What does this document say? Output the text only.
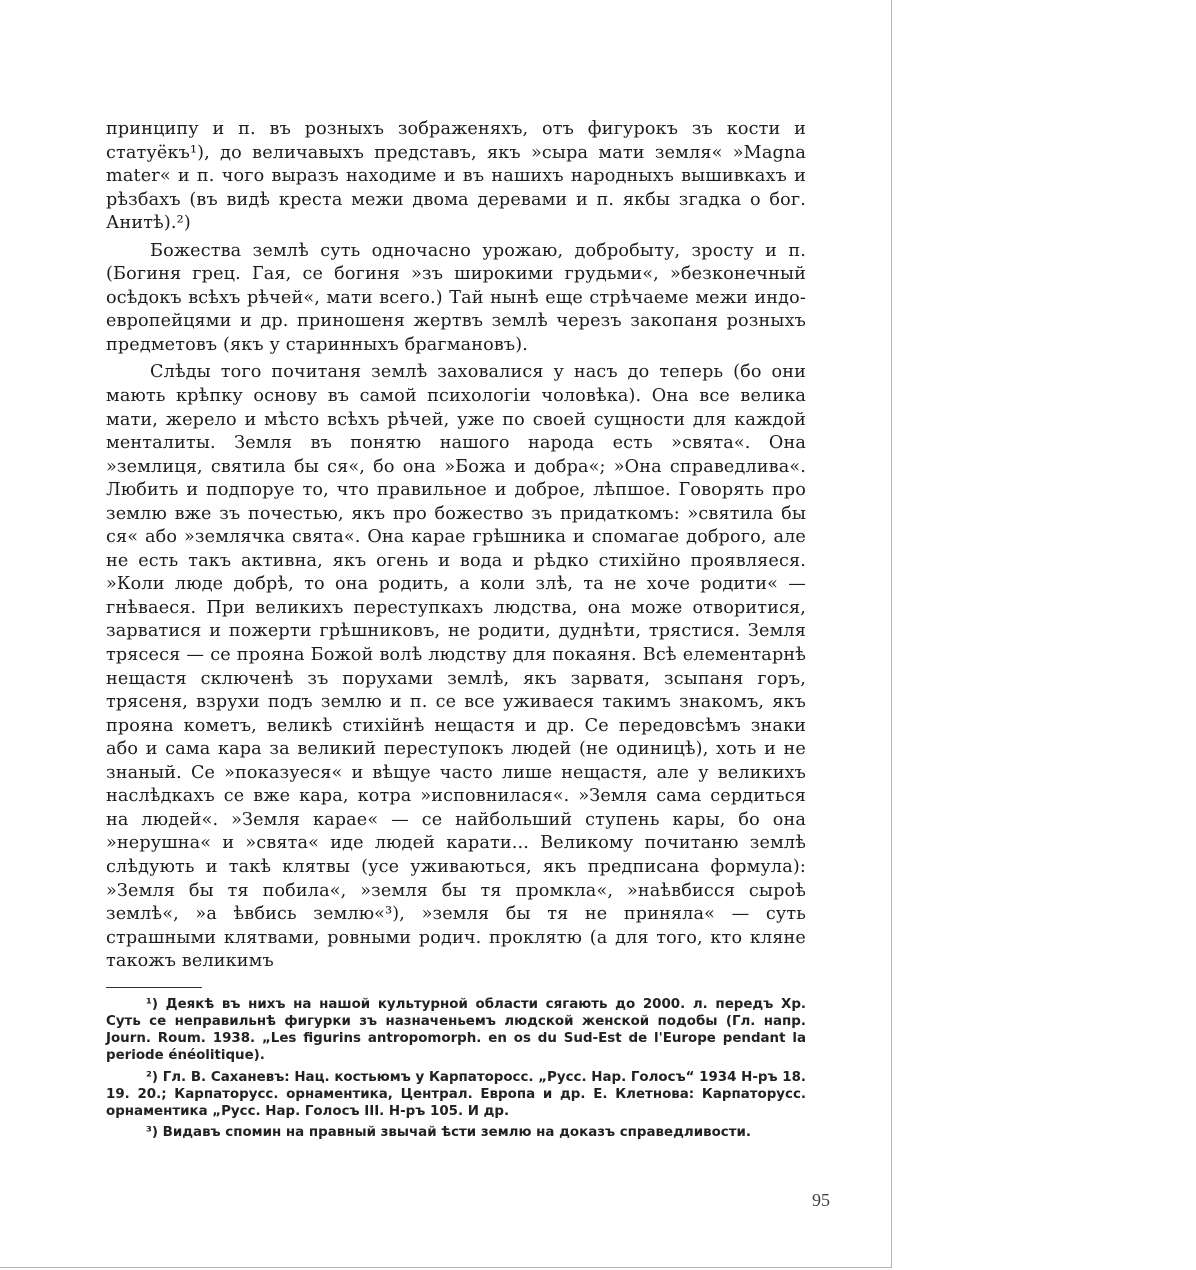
принципу и п. въ розныхъ зображеняхъ, отъ фигурокъ зъ кости и статуёкъ¹), до величавыхъ представъ, якъ »сыра мати земля« »Magna mater« и п. чого выразъ находиме и въ нашихъ народныхъ вышивкахъ и рѣзбахъ (въ видѣ креста межи двома деревами и п. якбы згадка о бог. Анитѣ).²)

Божества землѣ суть одночасно урожаю, добробыту, зросту и п. (Богиня грец. Гая, се богиня »зъ широкими грудьми«, »безконечный осѣдокъ всѣхъ рѣчей«, мати всего.) Тай нынѣ еще стрѣчаеме межи индо-европейцями и др. приношеня жертвъ землѣ черезъ закопаня розныхъ предметовъ (якъ у старинныхъ брагмановъ).

Слѣды того почитаня землѣ заховалися у насъ до теперь (бо они мають крѣпку основу въ самой психологіи чоловѣка). Она все велика мати, жерело и мѣсто всѣхъ рѣчей, уже по своей сущности для каждой менталиты. Земля въ понятю нашого народа есть »свята«. Она »землиця, святила бы ся«, бо она »Божа и добра«; »Она справедлива«. Любить и подпоруе то, что правильное и доброе, лѣпшое. Говорять про землю вже зъ почестью, якъ про божество зъ придаткомъ: »святила бы ся« або »землячка свята«. Она карае грѣшника и спомагае доброго, але не есть такъ активна, якъ огень и вода и рѣдко стихійно проявляеся. »Коли люде добрѣ, то она родить, а коли злѣ, та не хоче родити« — гнѣваеся. При великихъ переступкахъ людства, она може отворитися, зарватися и пожерти грѣшниковъ, не родити, дуднѣти, трястися. Земля трясеся — се прояна Божой волѣ людству для покаяня. Всѣ елементарнѣ нещастя сключенѣ зъ порухами землѣ, якъ зарватя, зсыпаня горъ, трясеня, взрухи подъ землю и п. се все уживаеся такимъ знакомъ, якъ прояна кометъ, великѣ стихійнѣ нещастя и др. Се передовсѣмъ знаки або и сама кара за великий переступокъ людей (не одиницѣ), хоть и не знаный. Се »показуеся« и вѣщуе часто лише нещастя, але у великихъ наслѣдкахъ се вже кара, котра »исповнилася«. »Земля сама сердиться на людей«. »Земля карае« — се найбольший ступень кары, бо она »нерушна« и »свята« иде людей карати... Великому почитаню землѣ слѣдують и такѣ клятвы (усе уживаються, якъ предписана формула): »Земля бы тя побила«, »земля бы тя промкла«, »наѣвбисся сыроѣ землѣ«, »а ѣвбись землю«³), »земля бы тя не приняла« — суть страшными клятвами, ровными родич. проклятю (а для того, кто кляне такожъ великимъ

¹) Деякѣ въ нихъ на нашой культурной области сягають до 2000. л. передъ Хр. Суть се неправильнѣ фигурки зъ назначеньемъ людской женской подобы (Гл. напр. Journ. Roum. 1938. „Les figurins antropomorph. en os du Sud-Est de l'Europe pendant la periode énéolitique).

²) Гл. В. Саханевъ: Нац. костьюмъ у Карпатоpосс. „Русс. Нар. Голосъ“ 1934 Н-ръ 18. 19. 20.; Карпаторусс. орнаментика, Централ. Европа и др. Е. Клетнова: Карпаторусс. орнаментика „Русс. Нар. Голосъ III. Н-ръ 105. И др.

³) Видавъ спомин на правный звычай ѣсти землю на доказъ справедливости.

95
